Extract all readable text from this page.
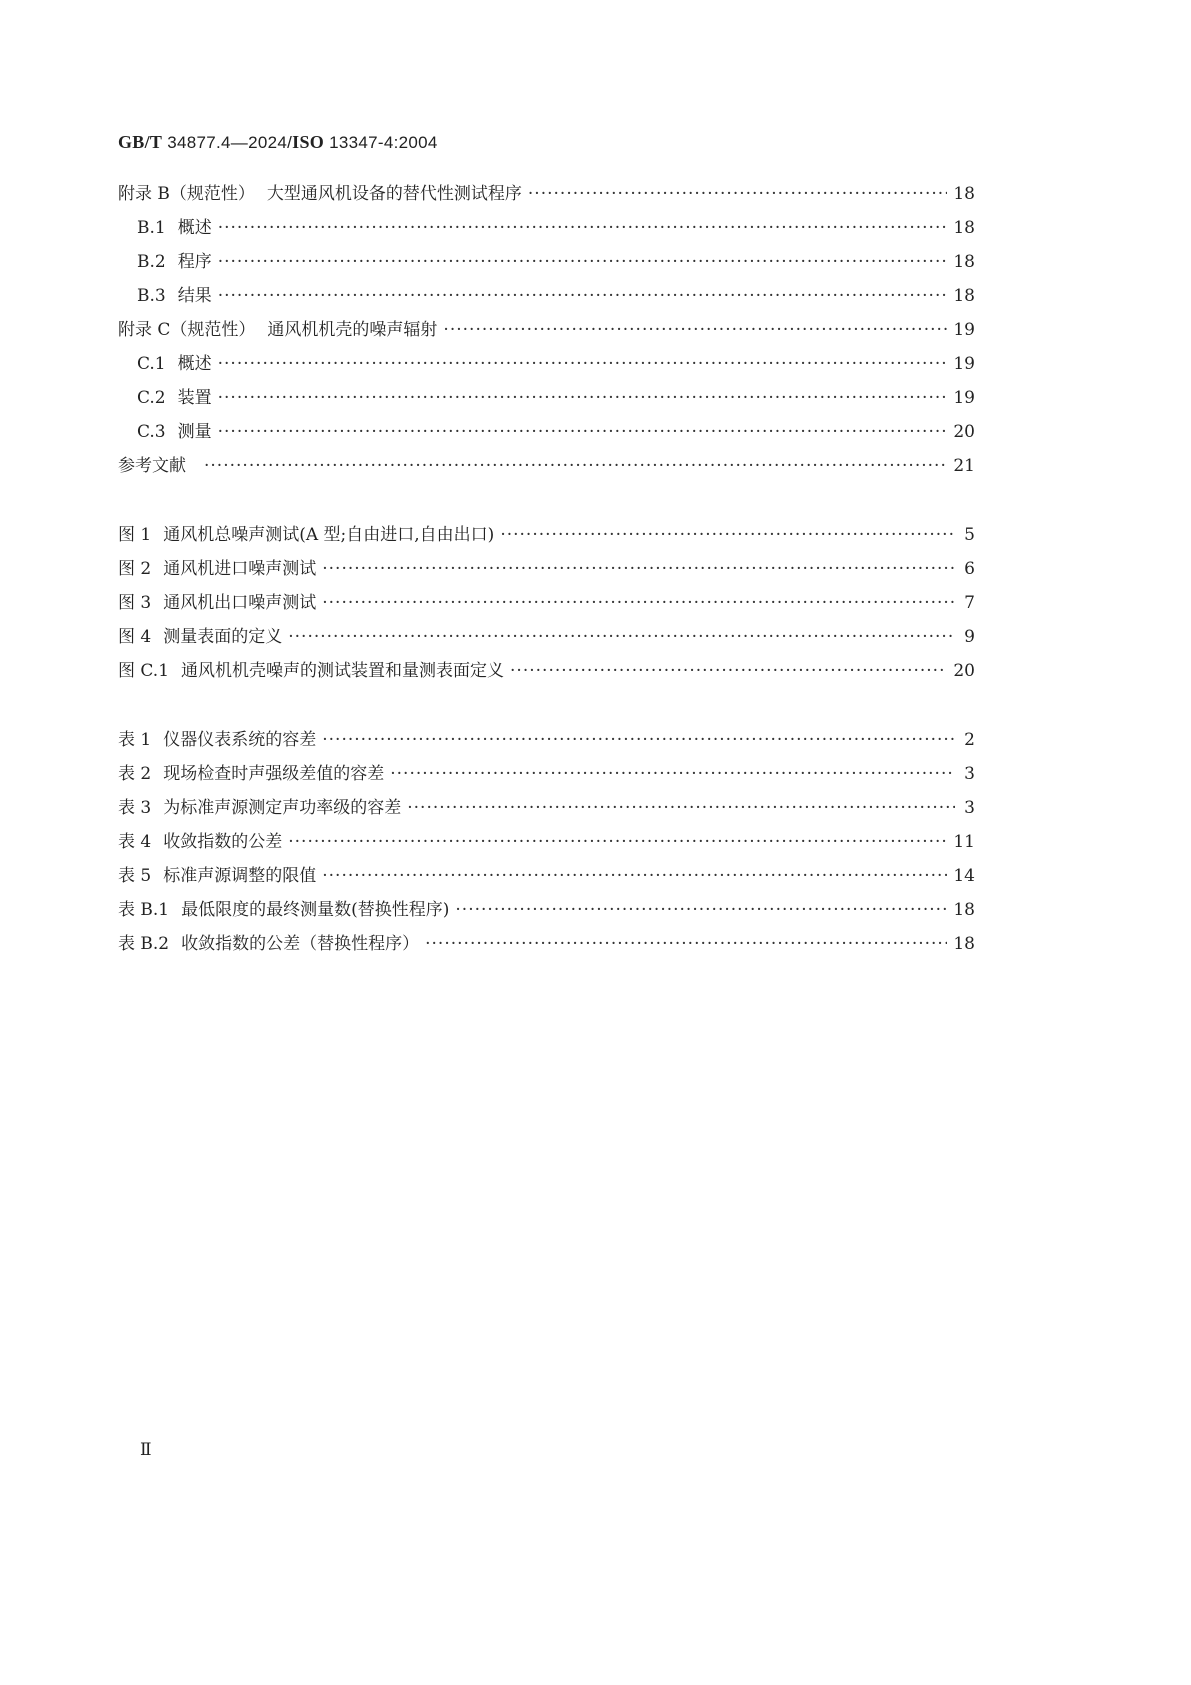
GB/T 34877.4—2024/ISO 13347-4:2004
附录 B（规范性） 大型通风机设备的替代性测试程序 ·····	18
B.1 概述 ·····	18
B.2 程序 ·····	18
B.3 结果 ·····	18
附录 C（规范性） 通风机机壳的噪声辐射 ·····	19
C.1 概述 ·····	19
C.2 装置 ·····	19
C.3 测量 ·····	20
参考文献 ·····	21
图 1 通风机总噪声测试(A 型;自由进口,自由出口) ·····	5
图 2 通风机进口噪声测试 ·····	6
图 3 通风机出口噪声测试 ·····	7
图 4 测量表面的定义 ·····	9
图 C.1 通风机机壳噪声的测试装置和量测表面定义 ·····	20
表 1 仪器仪表系统的容差 ·····	2
表 2 现场检查时声强级差值的容差 ·····	3
表 3 为标准声源测定声功率级的容差 ·····	3
表 4 收敛指数的公差 ·····	11
表 5 标准声源调整的限值 ·····	14
表 B.1 最低限度的最终测量数(替换性程序) ·····	18
表 B.2 收敛指数的公差（替换性程序） ·····	18
Ⅱ
